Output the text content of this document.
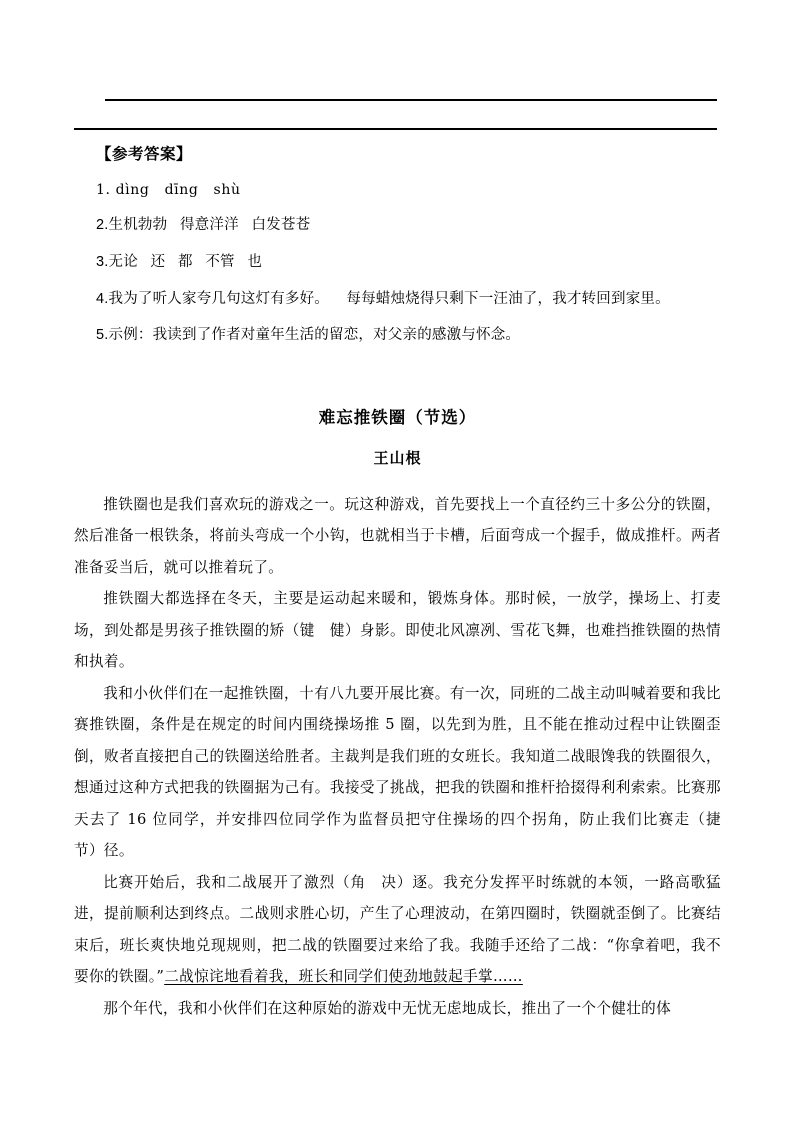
【参考答案】
1. dìng   dīng   shù
2.生机勃勃   得意洋洋   白发苍苍
3.无论   还   都   不管   也
4.我为了听人家夸几句这灯有多好。 每每蜡烛烧得只剩下一汪油了，我才转回到家里。
5.示例：我读到了作者对童年生活的留恋，对父亲的感激与怀念。
难忘推铁圈（节选）
王山根

推铁圈也是我们喜欢玩的游戏之一。玩这种游戏，首先要找上一个直径约三十多公分的铁圈，然后准备一根铁条，将前头弯成一个小钩，也就相当于卡槽，后面弯成一个握手，做成推杆。两者准备妥当后，就可以推着玩了。

推铁圈大都选择在冬天，主要是运动起来暖和，锻炼身体。那时候，一放学，操场上、打麦场，到处都是男孩子推铁圈的矫（键　健）身影。即使北风凛冽、雪花飞舞，也难挡推铁圈的热情和执着。

我和小伙伴们在一起推铁圈，十有八九要开展比赛。有一次，同班的二战主动叫喊着要和我比赛推铁圈，条件是在规定的时间内围绕操场推 5 圈，以先到为胜，且不能在推动过程中让铁圈歪倒，败者直接把自己的铁圈送给胜者。主裁判是我们班的女班长。我知道二战眼馋我的铁圈很久，想通过这种方式把我的铁圈据为己有。我接受了挑战，把我的铁圈和推杆拾掇得利利索索。比赛那天去了 16 位同学，并安排四位同学作为监督员把守住操场的四个拐角，防止我们比赛走（捷　节）径。

比赛开始后，我和二战展开了激烈（角　决）逐。我充分发挥平时练就的本领，一路高歌猛进，提前顺利达到终点。二战则求胜心切，产生了心理波动，在第四圈时，铁圈就歪倒了。比赛结束后，班长爽快地兑现规则，把二战的铁圈要过来给了我。我随手还给了二战：“你拿着吧，我不要你的铁圈。”二战惊诧地看着我，班长和同学们使劲地鼓起手掌……

那个年代，我和小伙伴们在这种原始的游戏中无忧无虑地成长，推出了一个个健壮的体
